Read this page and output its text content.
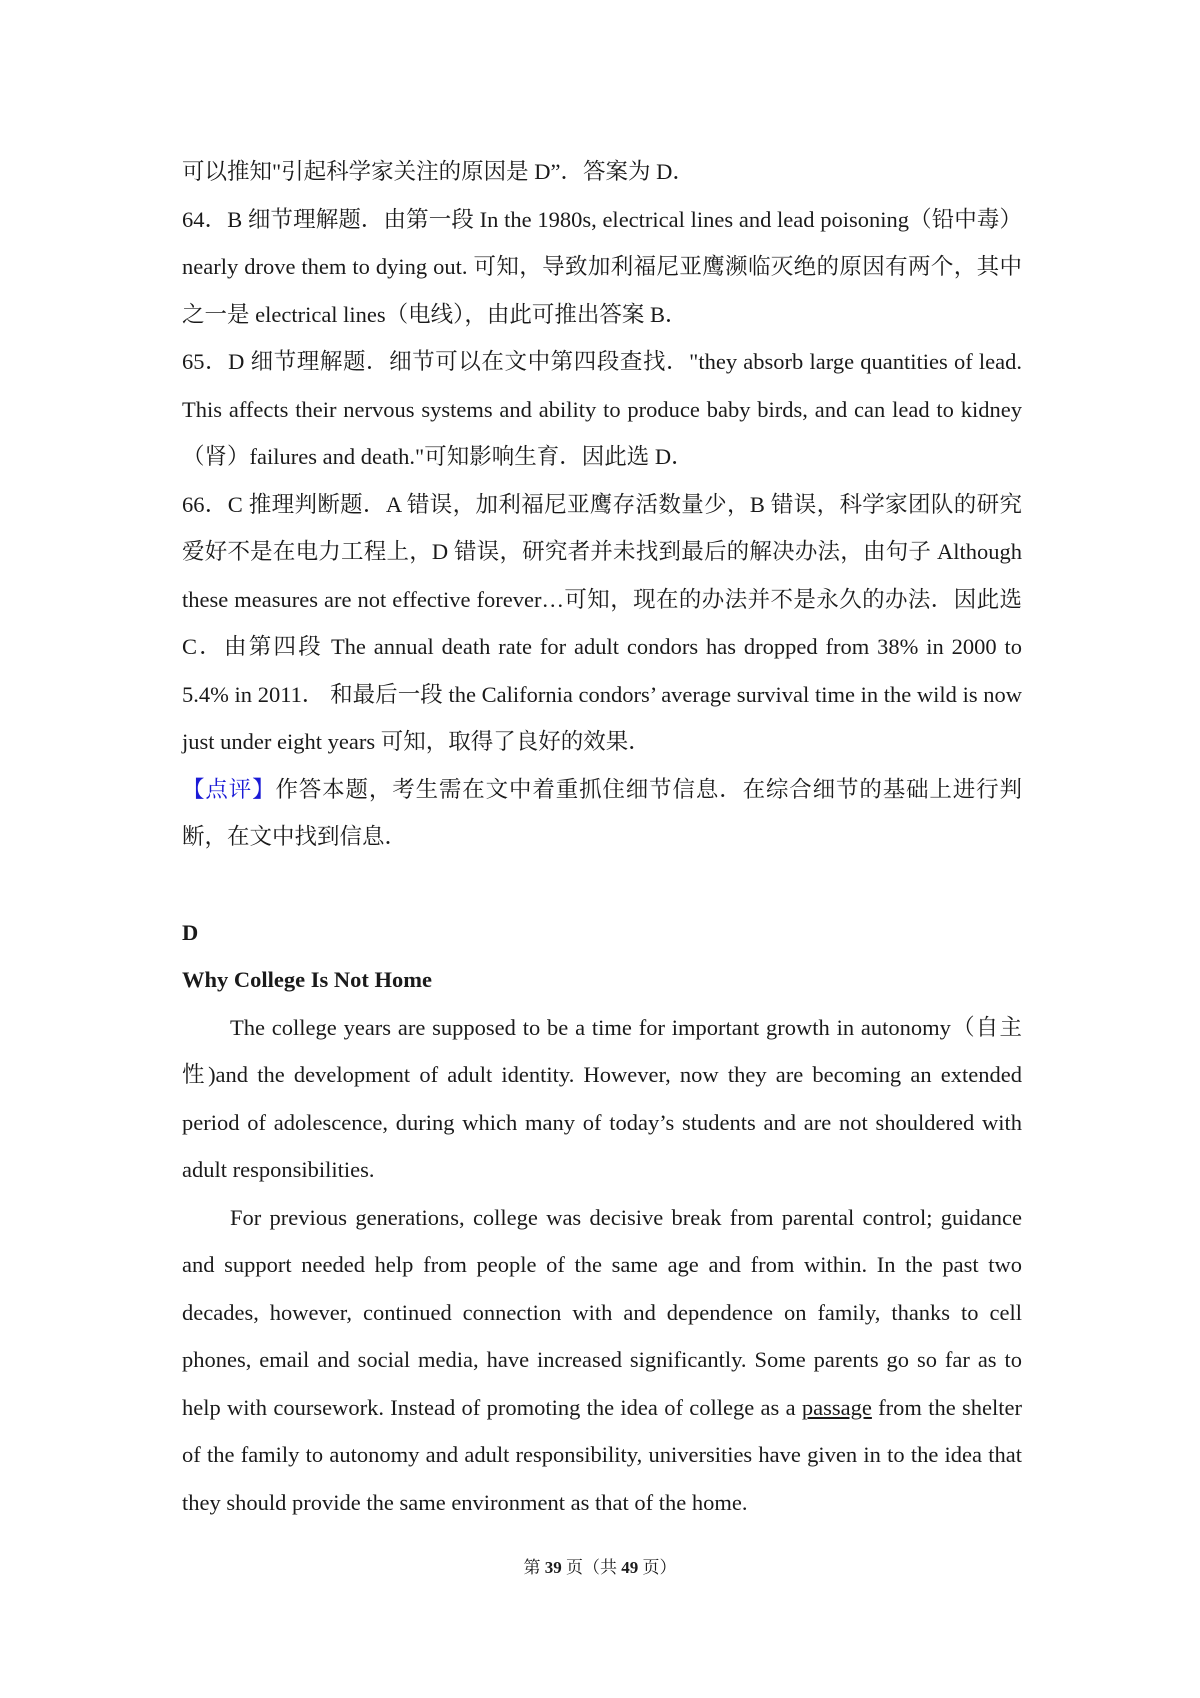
可以推知"引起科学家关注的原因是 D”．答案为 D．

64．B 细节理解题．由第一段 In the 1980s, electrical lines and lead poisoning（铅中毒）nearly drove them to dying out. 可知，导致加利福尼亚鹰濒临灭绝的原因有两个，其中之一是 electrical lines（电线），由此可推出答案 B．

65．D 细节理解题．细节可以在文中第四段查找．"they absorb large quantities of lead. This affects their nervous systems and ability to produce baby birds, and can lead to kidney（肾）failures and death."可知影响生育．因此选 D．

66．C 推理判断题．A 错误，加利福尼亚鹰存活数量少，B 错误，科学家团队的研究爱好不是在电力工程上，D 错误，研究者并未找到最后的解决办法，由句子 Although these measures are not effective forever…可知，现在的办法并不是永久的办法．因此选 C．由第四段 The annual death rate for adult condors has dropped from 38% in 2000 to 5.4% in 2011． 和最后一段 the California condors’ average survival time in the wild is now just under eight years 可知，取得了良好的效果．

【点评】作答本题，考生需在文中着重抓住细节信息．在综合细节的基础上进行判断，在文中找到信息．

D

Why College Is Not Home

The college years are supposed to be a time for important growth in autonomy（自主性)and the development of adult identity. However, now they are becoming an extended period of adolescence, during which many of today’s students and are not shouldered with adult responsibilities.

For previous generations, college was decisive break from parental control; guidance and support needed help from people of the same age and from within. In the past two decades, however, continued connection with and dependence on family, thanks to cell phones, email and social media, have increased significantly. Some parents go so far as to help with coursework. Instead of promoting the idea of college as a passage from the shelter of the family to autonomy and adult responsibility, universities have given in to the idea that they should provide the same environment as that of the home.

第 39 页（共 49 页）
